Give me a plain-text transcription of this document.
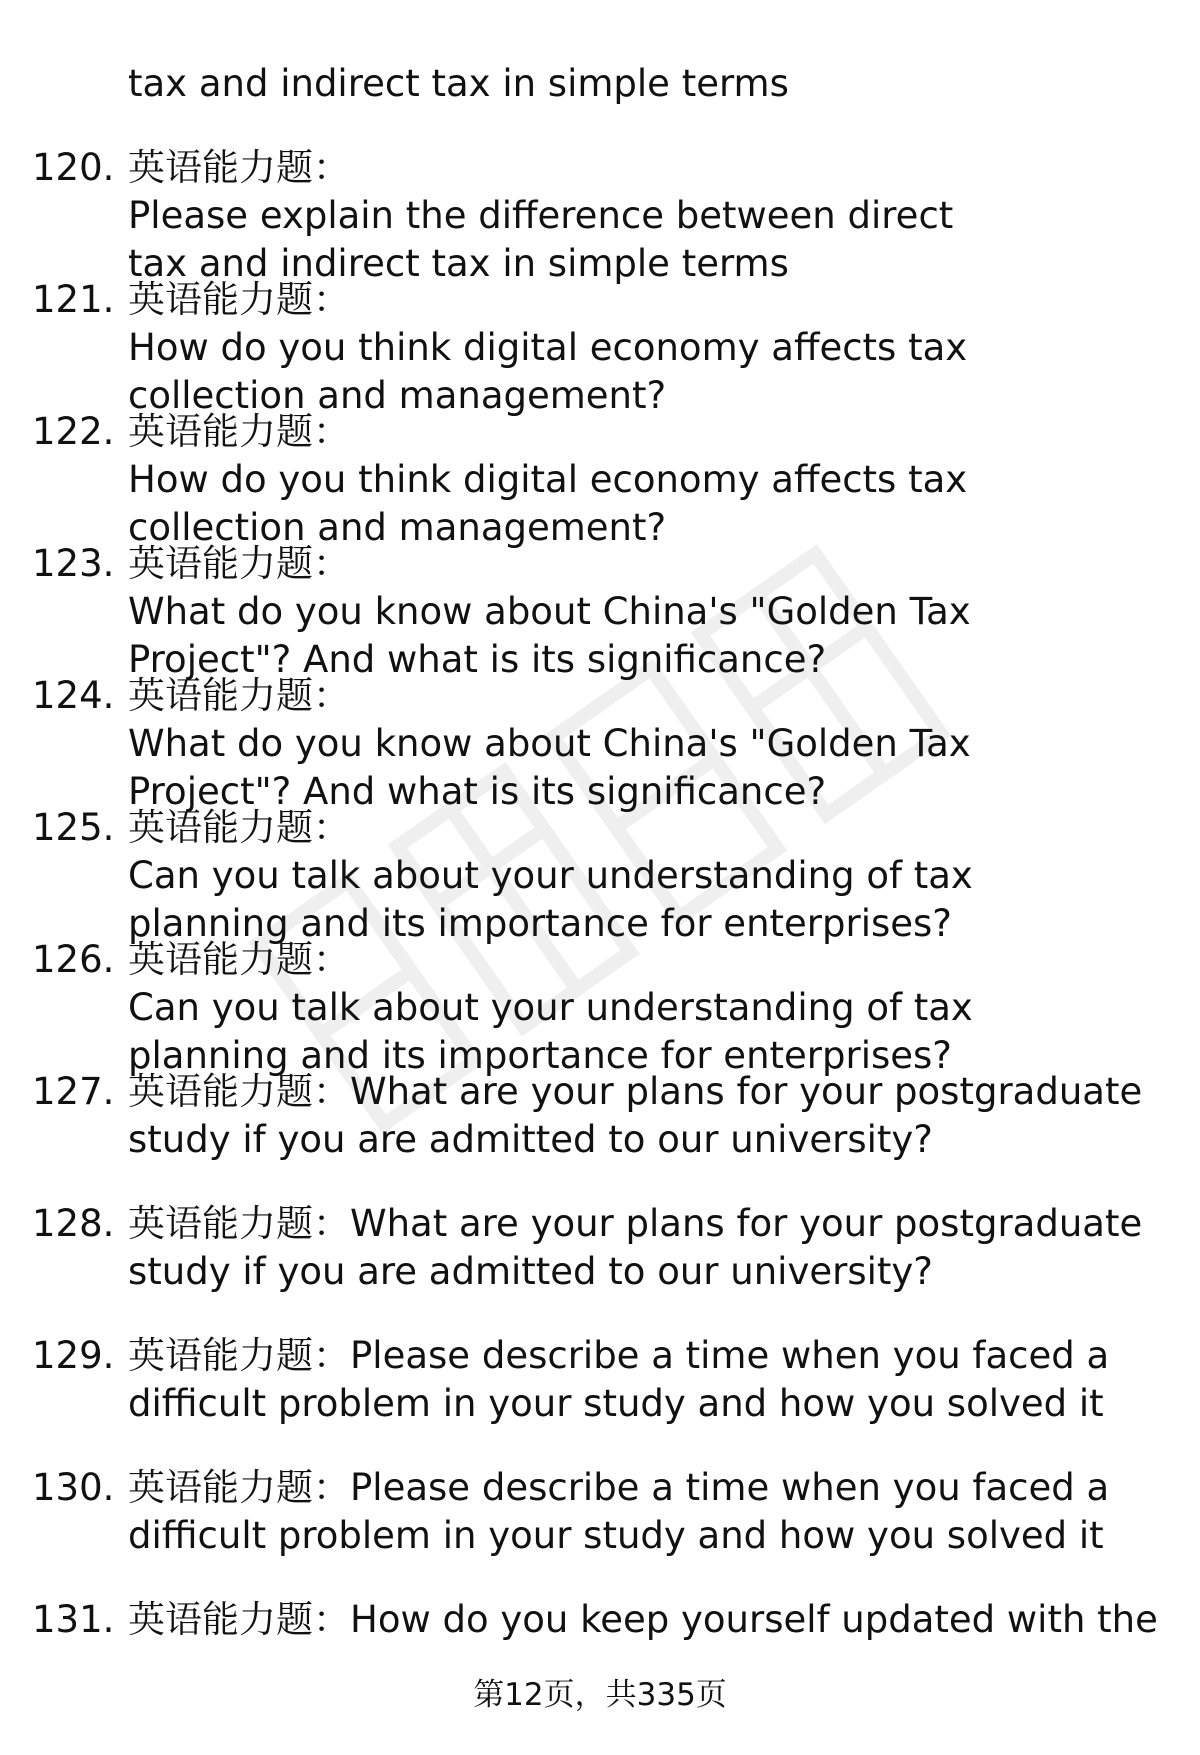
tax and indirect tax in simple terms
120. 英语能力题：Please explain the difference between direct
tax and indirect tax in simple terms
121. 英语能力题：How do you think digital economy affects tax
collection and management?
122. 英语能力题：How do you think digital economy affects tax
collection and management?
123. 英语能力题：What do you know about China's "Golden Tax
Project"? And what is its significance?
124. 英语能力题：What do you know about China's "Golden Tax
Project"? And what is its significance?
125. 英语能力题：Can you talk about your understanding of tax
planning and its importance for enterprises?
126. 英语能力题：Can you talk about your understanding of tax
planning and its importance for enterprises?
127. 英语能力题：What are your plans for your postgraduate
study if you are admitted to our university?
128. 英语能力题：What are your plans for your postgraduate
study if you are admitted to our university?
129. 英语能力题：Please describe a time when you faced a
difficult problem in your study and how you solved it
130. 英语能力题：Please describe a time when you faced a
difficult problem in your study and how you solved it
131. 英语能力题：How do you keep yourself updated with the
第12页，共335页
